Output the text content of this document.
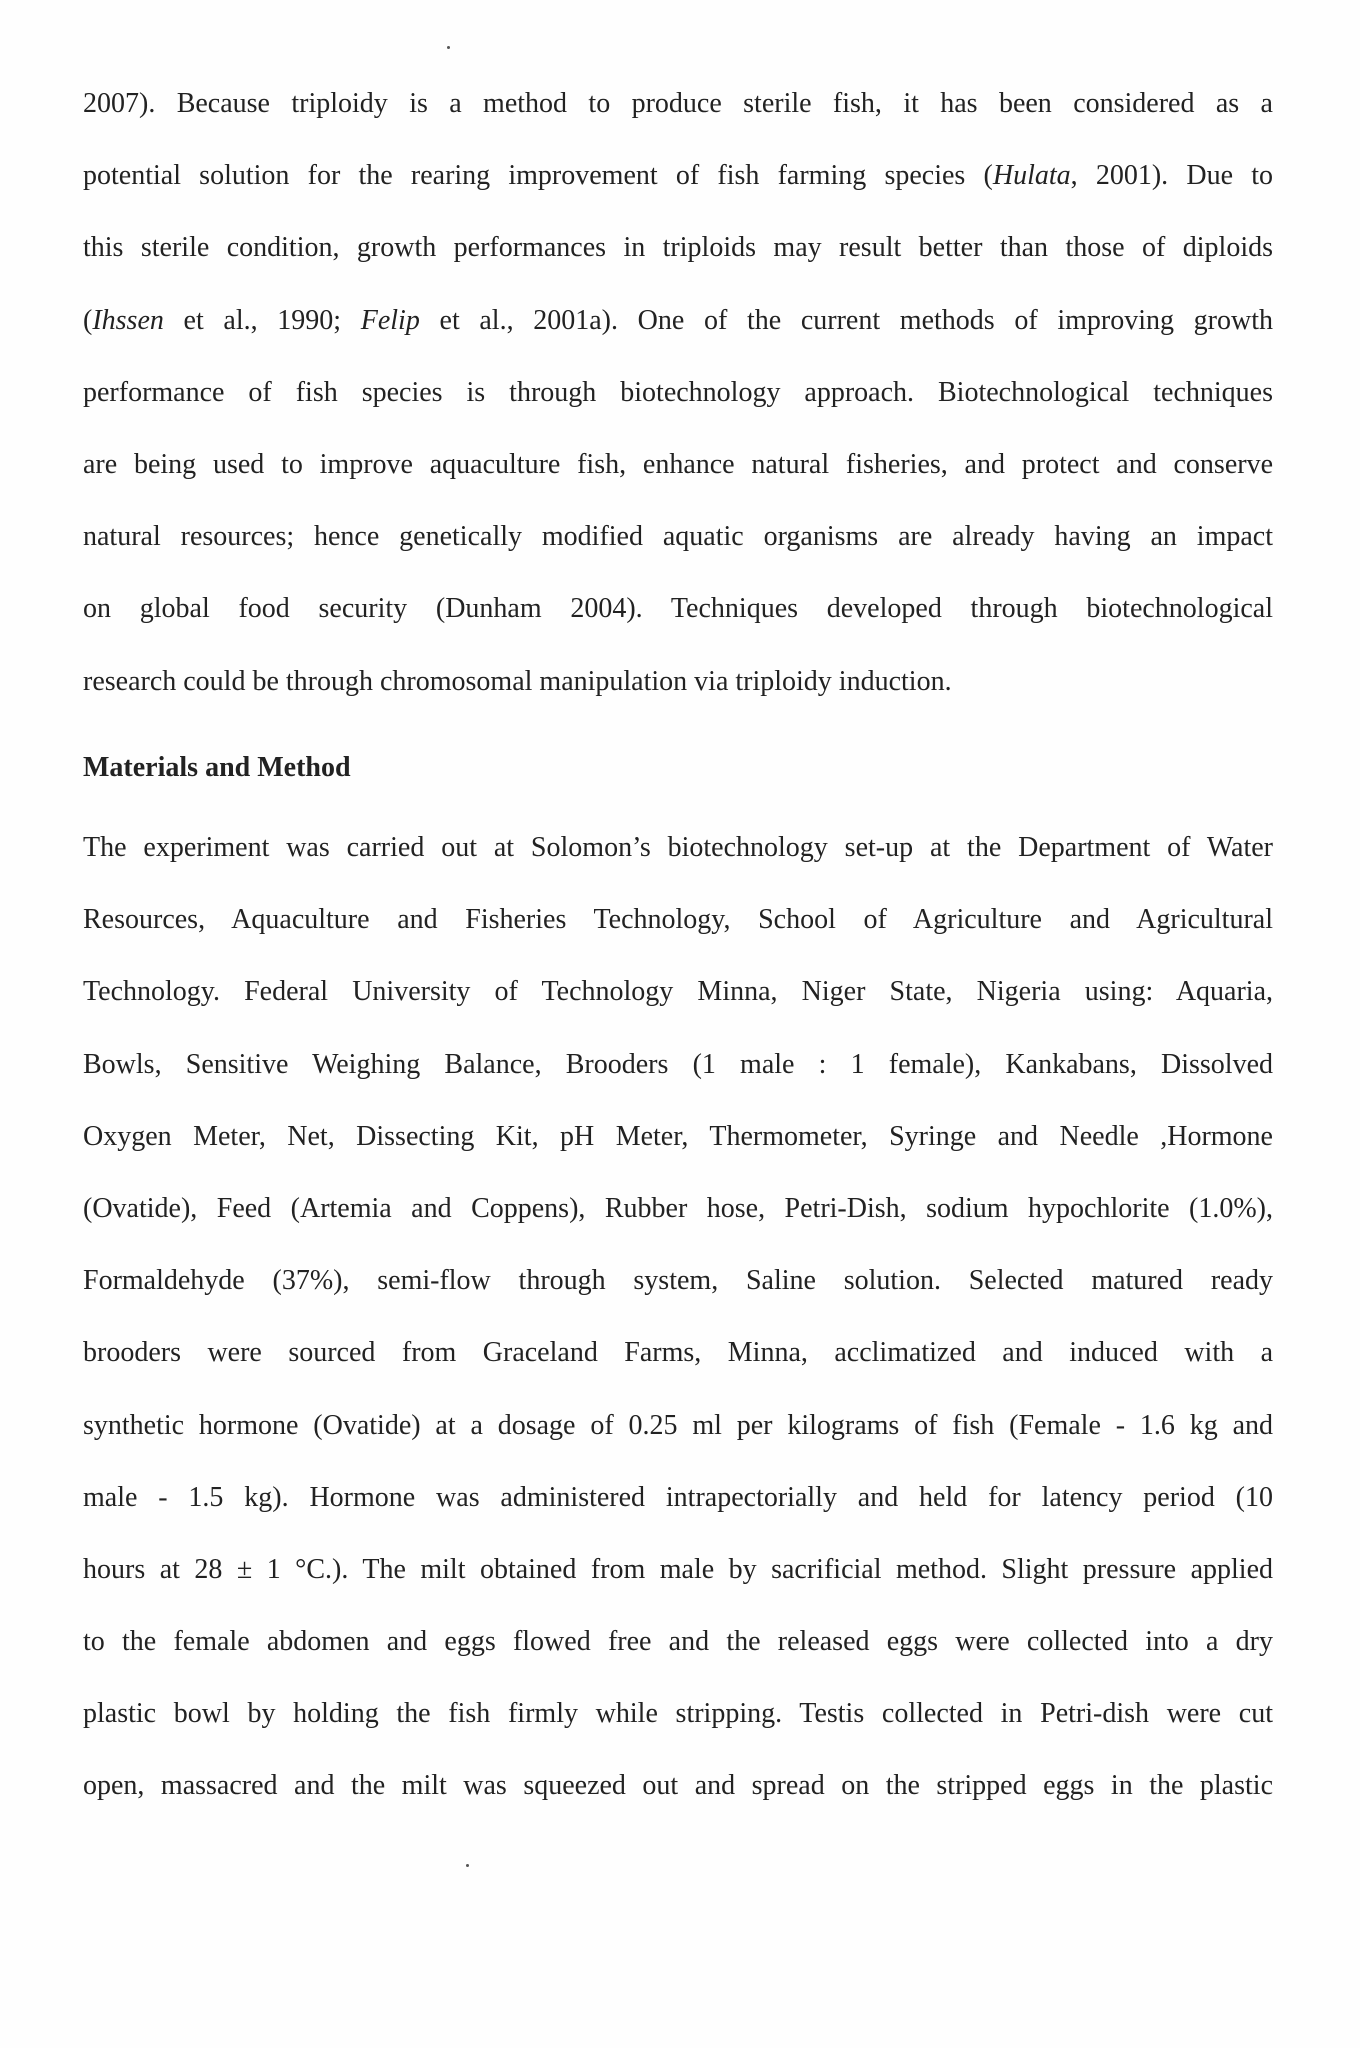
2007). Because triploidy is a method to produce sterile fish, it has been considered as a
potential solution for the rearing improvement of fish farming species (Hulata, 2001). Due to
this sterile condition, growth performances in triploids may result better than those of diploids
(Ihssen et al., 1990; Felip et al., 2001a). One of the current methods of improving growth
performance of fish species is through biotechnology approach. Biotechnological techniques
are being used to improve aquaculture fish, enhance natural fisheries, and protect and conserve
natural resources; hence genetically modified aquatic organisms are already having an impact
on global food security (Dunham 2004). Techniques developed through biotechnological
research could be through chromosomal manipulation via triploidy induction.
Materials and Method
The experiment was carried out at Solomon’s biotechnology set-up at the Department of Water
Resources, Aquaculture and Fisheries Technology, School of Agriculture and Agricultural
Technology. Federal University of Technology Minna, Niger State, Nigeria using: Aquaria,
Bowls, Sensitive Weighing Balance, Brooders (1 male : 1 female), Kankabans, Dissolved
Oxygen Meter, Net, Dissecting Kit, pH Meter, Thermometer, Syringe and Needle ,Hormone
(Ovatide), Feed (Artemia and Coppens), Rubber hose, Petri-Dish, sodium hypochlorite (1.0%),
Formaldehyde (37%), semi-flow through system, Saline solution. Selected matured ready
brooders were sourced from Graceland Farms, Minna, acclimatized and induced with a
synthetic hormone (Ovatide) at a dosage of 0.25 ml per kilograms of fish (Female - 1.6 kg and
male - 1.5 kg). Hormone was administered intrapectorially and held for latency period (10
hours at 28 ± 1 °C.). The milt obtained from male by sacrificial method. Slight pressure applied
to the female abdomen and eggs flowed free and the released eggs were collected into a dry
plastic bowl by holding the fish firmly while stripping. Testis collected in Petri-dish were cut
open, massacred and the milt was squeezed out and spread on the stripped eggs in the plastic
